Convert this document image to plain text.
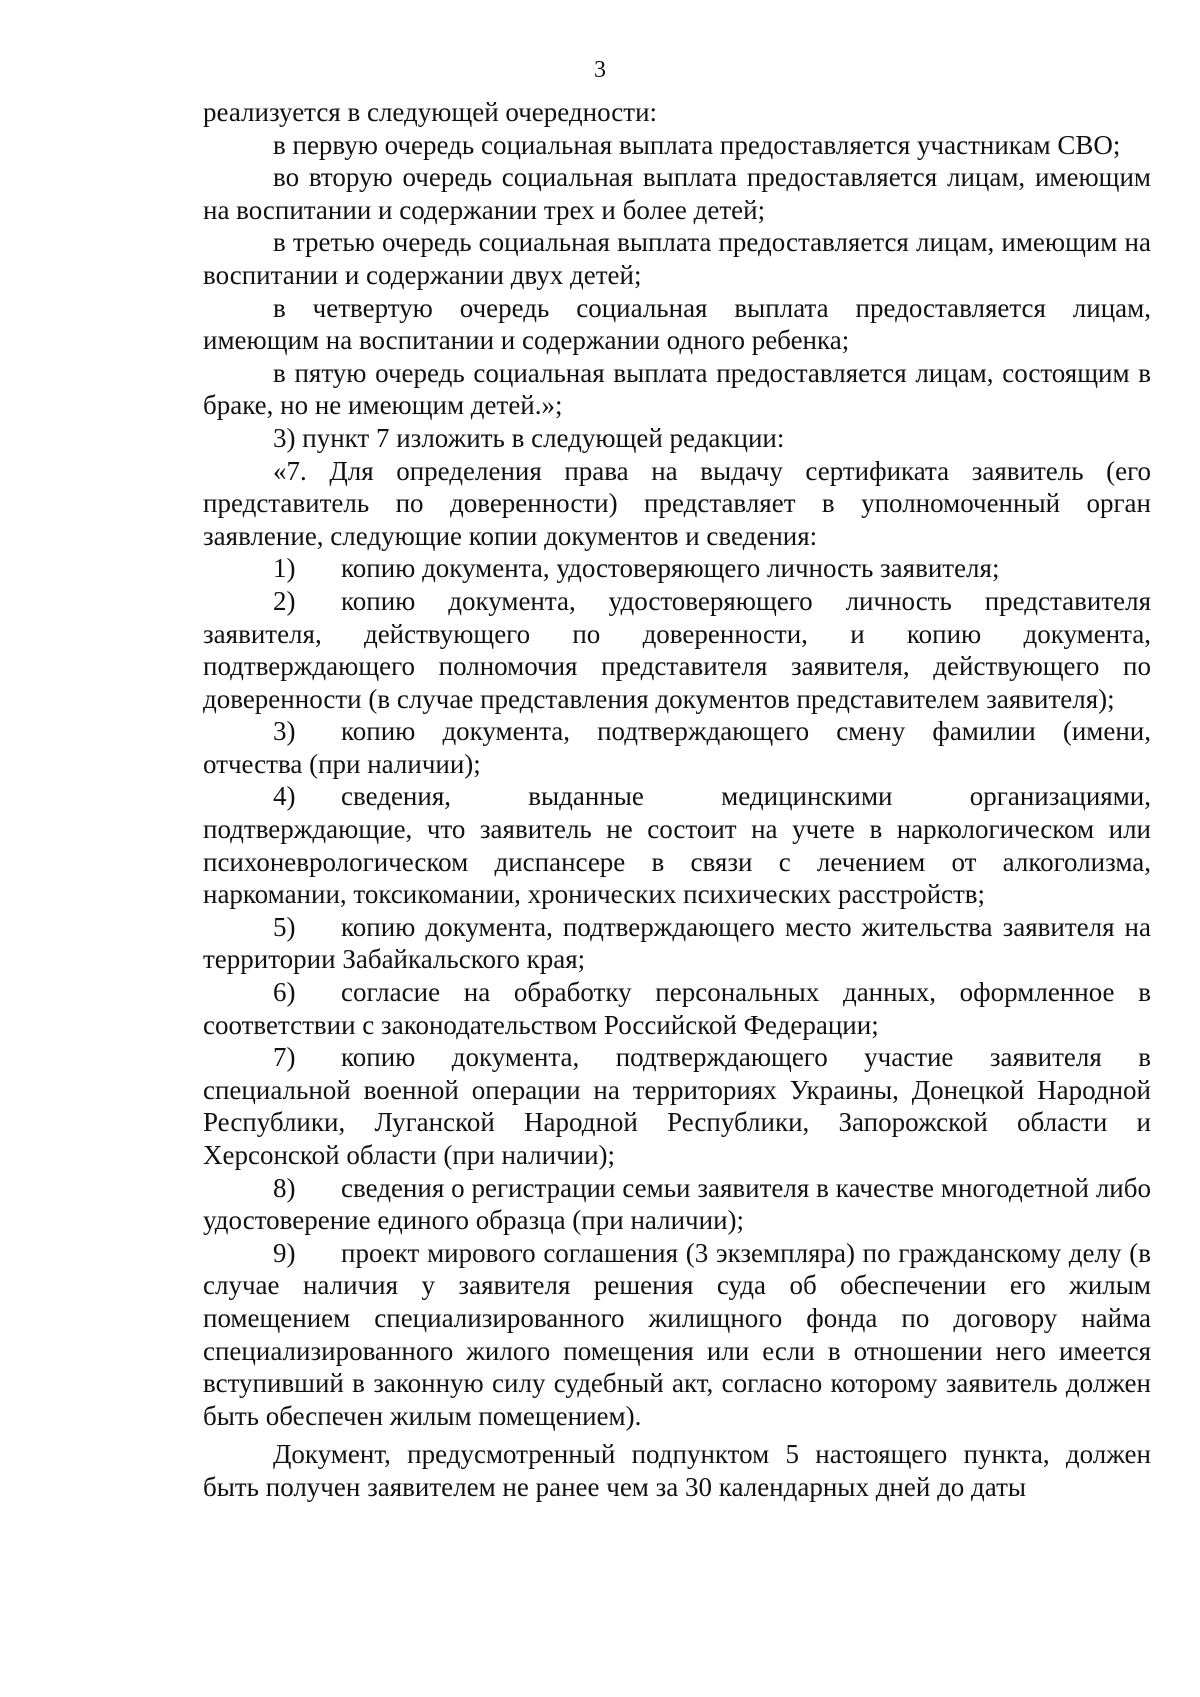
3

реализуется в следующей очередности:

в первую очередь социальная выплата предоставляется участникам СВО;

во вторую очередь социальная выплата предоставляется лицам, имеющим на воспитании и содержании трех и более детей;

в третью очередь социальная выплата предоставляется лицам, имеющим на воспитании и содержании двух детей;

в четвертую очередь социальная выплата предоставляется лицам, имеющим на воспитании и содержании одного ребенка;

в пятую очередь социальная выплата предоставляется лицам, состоящим в браке, но не имеющим детей.»;

3) пункт 7 изложить в следующей редакции:

«7. Для определения права на выдачу сертификата заявитель (его представитель по доверенности) представляет в уполномоченный орган заявление, следующие копии документов и сведения:

1) копию документа, удостоверяющего личность заявителя;

2) копию документа, удостоверяющего личность представителя заявителя, действующего по доверенности, и копию документа, подтверждающего полномочия представителя заявителя, действующего по доверенности (в случае представления документов представителем заявителя);

3) копию документа, подтверждающего смену фамилии (имени, отчества (при наличии);

4) сведения, выданные медицинскими организациями, подтверждающие, что заявитель не состоит на учете в наркологическом или психоневрологическом диспансере в связи с лечением от алкоголизма, наркомании, токсикомании, хронических психических расстройств;

5) копию документа, подтверждающего место жительства заявителя на территории Забайкальского края;

6) согласие на обработку персональных данных, оформленное в соответствии с законодательством Российской Федерации;

7) копию документа, подтверждающего участие заявителя в специальной военной операции на территориях Украины, Донецкой Народной Республики, Луганской Народной Республики, Запорожской области и Херсонской области (при наличии);

8) сведения о регистрации семьи заявителя в качестве многодетной либо удостоверение единого образца (при наличии);

9) проект мирового соглашения (3 экземпляра) по гражданскому делу (в случае наличия у заявителя решения суда об обеспечении его жилым помещением специализированного жилищного фонда по договору найма специализированного жилого помещения или если в отношении него имеется вступивший в законную силу судебный акт, согласно которому заявитель должен быть обеспечен жилым помещением).

Документ, предусмотренный подпунктом 5 настоящего пункта, должен быть получен заявителем не ранее чем за 30 календарных дней до даты
